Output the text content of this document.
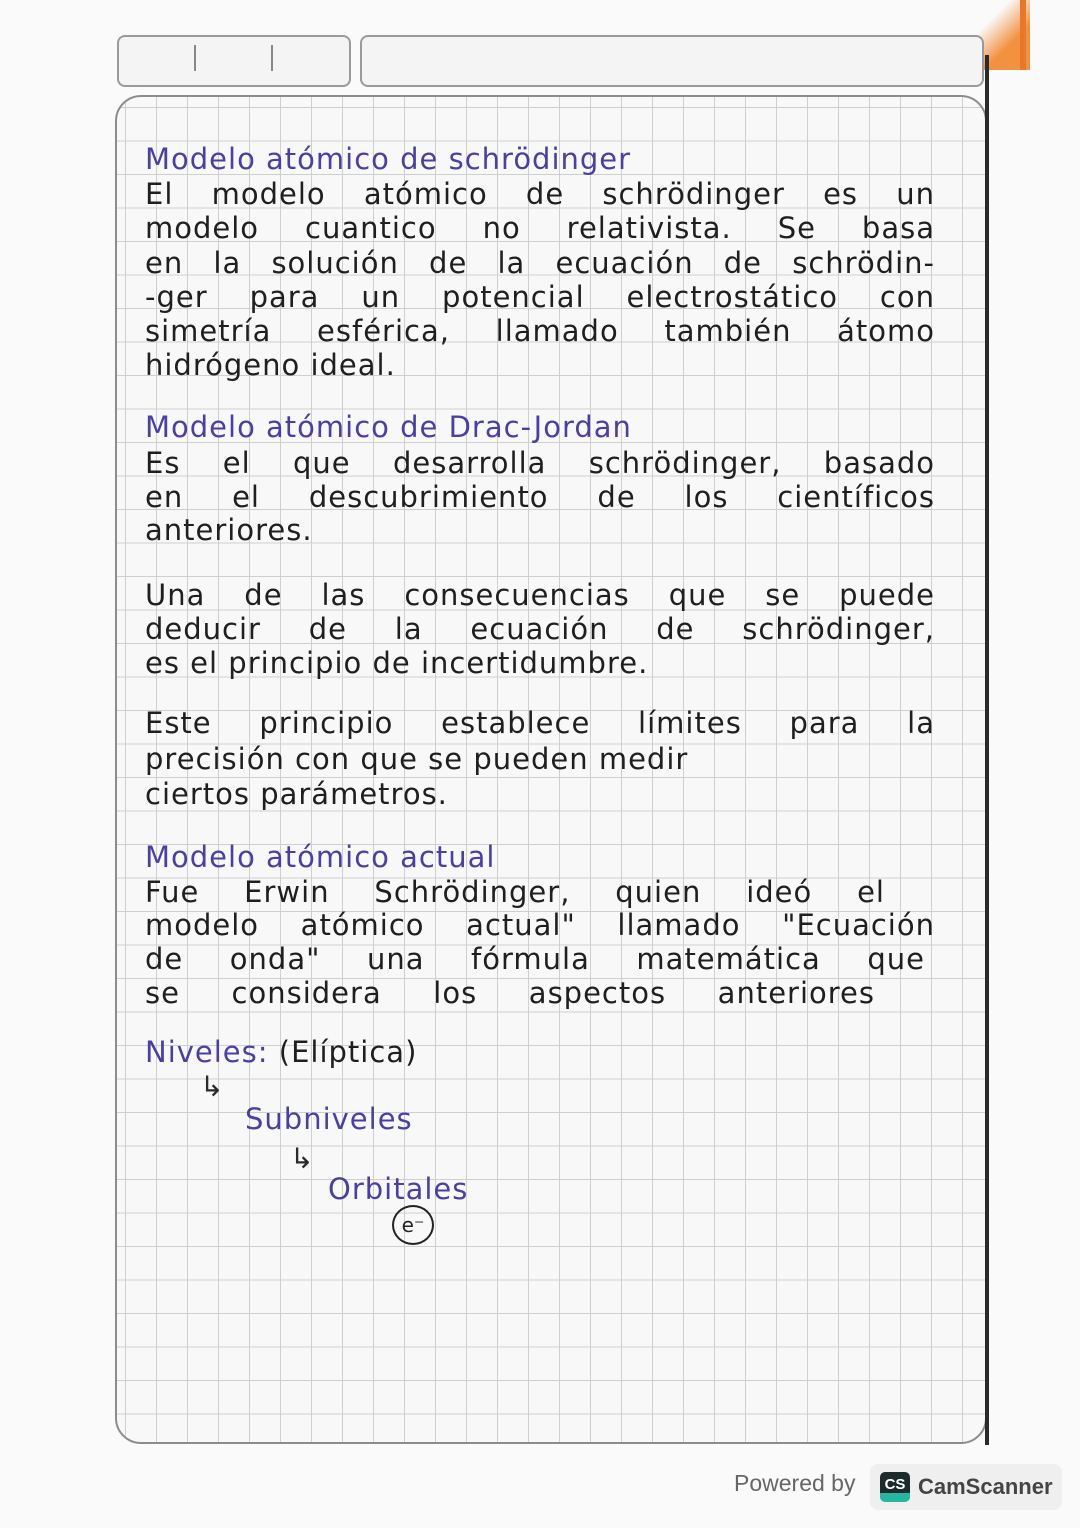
Modelo atómico de schrödinger
El modelo atómico de schrödinger es un
modelo cuantico no relativista. Se basa
en la solución de la ecuación de schrödin-
-ger para un potencial electrostático con
simetría esférica, llamado también átomo
hidrógeno ideal.
Modelo atómico de Drac-Jordan
Es el que desarrolla schrödinger, basado
en el descubrimiento de los científicos
anteriores.
Una de las consecuencias que se puede
deducir de la ecuación de schrödinger,
es el principio de incertidumbre.
Este principio establece límites para la
precisión con que se pueden medir
ciertos parámetros.
Modelo atómico actual
Fue Erwin Schrödinger, quien ideó el
modelo atómico actual" llamado "Ecuación
de onda" una fórmula matemática que
se considera los aspectos anteriores
Niveles: (Elíptica)
↳
Subniveles
↳
Orbitales
e⁻
Powered by	CS CamScanner
